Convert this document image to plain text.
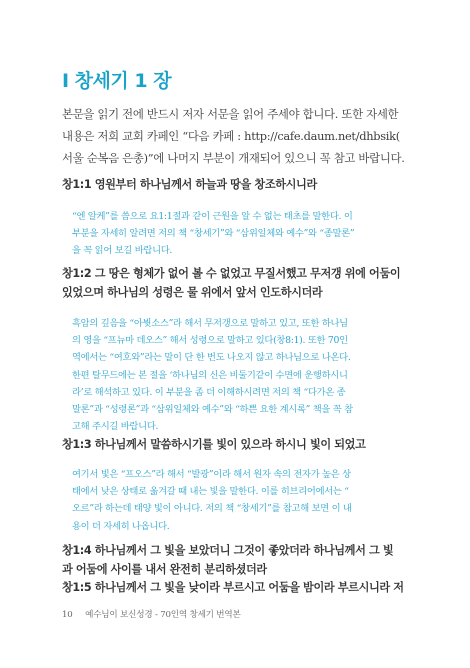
I 창세기 1 장
본문을 읽기 전에 반드시 저자 서문을 읽어 주세야 합니다. 또한 자세한
내용은 저희 교회 카페인 “다음 카페 : http://cafe.daum.net/dhbsik(
서울 순복음 은총)”에 나머지 부분이 개재되어 있으니 꼭 참고 바랍니다.
창1:1 영원부터 하나님께서 하늘과 땅을 창조하시니라
“엔 알케”를 씀으로 요1:1절과 같이 근원을 알 수 없는 태초를 말한다. 이
부분을 자세히 알려면 저의 책 “창세기”와 “삼위일체와 예수”와 “종말론”
을 꼭 읽어 보길 바랍니다.
창1:2 그 땅은 형체가 없어 볼 수 없었고 무질서했고 무저갱 위에 어둠이
있었으며 하나님의 성령은 물 위에서 앞서 인도하시더라
흑암의 깊음을 “아뷧소스”라 해서 무저갱으로 말하고 있고, 또한 하나님
의 영을 “프뉴마 데오스” 해서 성령으로 말하고 있다(창8:1). 또한 70인
역에서는 “여호와”라는 말이 단 한 번도 나오지 않고 하나님으로 나온다.
한편 탈무드에는 본 절을 ‘하나님의 신은 비둘기같이 수면에 운행하시니
라’로 해석하고 있다. 이 부분을 좀 더 이해하시려면 저의 책 “다가온 종
말론”과 “성령론”과 “삼위일체와 예수”와 “하쁜 요한 계시록” 책을 꼭 참
고해 주시길 바랍니다.
창1:3 하나님께서 말씀하시기를 빛이 있으라 하시니 빛이 되었고
여기서 빛은 “프오스”라 해서 “발광”이라 해서 원자 속의 전자가 높은 상
태에서 낮은 상태로 옮겨갈 때 내는 빛을 말한다. 이를 히브리어에서는 “
오르”라 하는데 태양 빛이 아니다. 저의 책 “창세기”를 참고해 보면 이 내
용이 더 자세히 나옵니다.
창1:4 하나님께서 그 빛을 보았더니 그것이 좋았더라 하나님께서 그 빛
과 어둠에 사이를 내서 완전히 분리하셨더라
창1:5 하나님께서 그 빛을 낮이라 부르시고 어둠을 밤이라 부르시니라 저
10 예수님이 보신성경 - 70인역 창세기 번역본
